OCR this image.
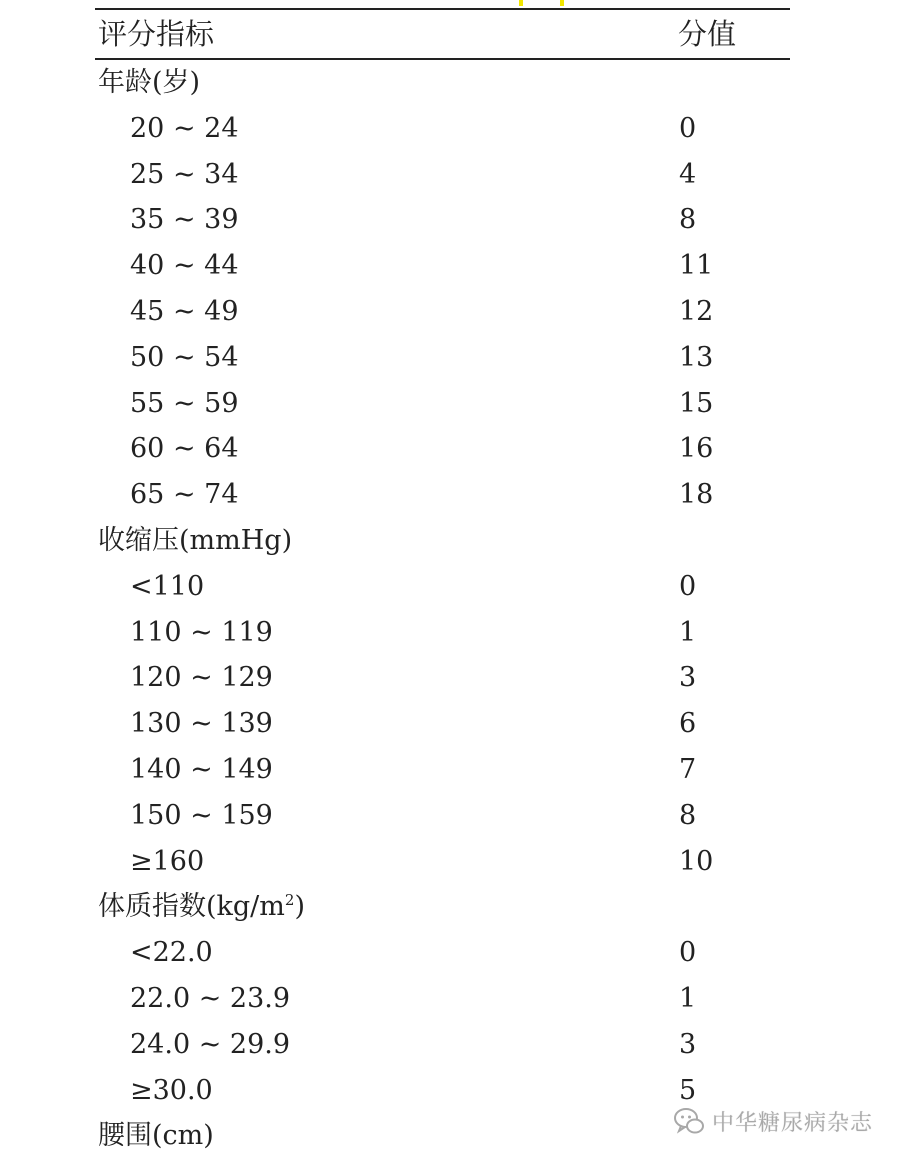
评分指标	分值
年龄(岁)
20 ~ 24	0
25 ~ 34	4
35 ~ 39	8
40 ~ 44	11
45 ~ 49	12
50 ~ 54	13
55 ~ 59	15
60 ~ 64	16
65 ~ 74	18
收缩压(mmHg)
<110	0
110 ~ 119	1
120 ~ 129	3
130 ~ 139	6
140 ~ 149	7
150 ~ 159	8
≥160	10
体质指数$(kg/m^2)$
<22.0	0
22.0 ~ 23.9	1
24.0 ~ 29.9	3
≥30.0	5
腰围(cm)	中华糖尿病杂志
